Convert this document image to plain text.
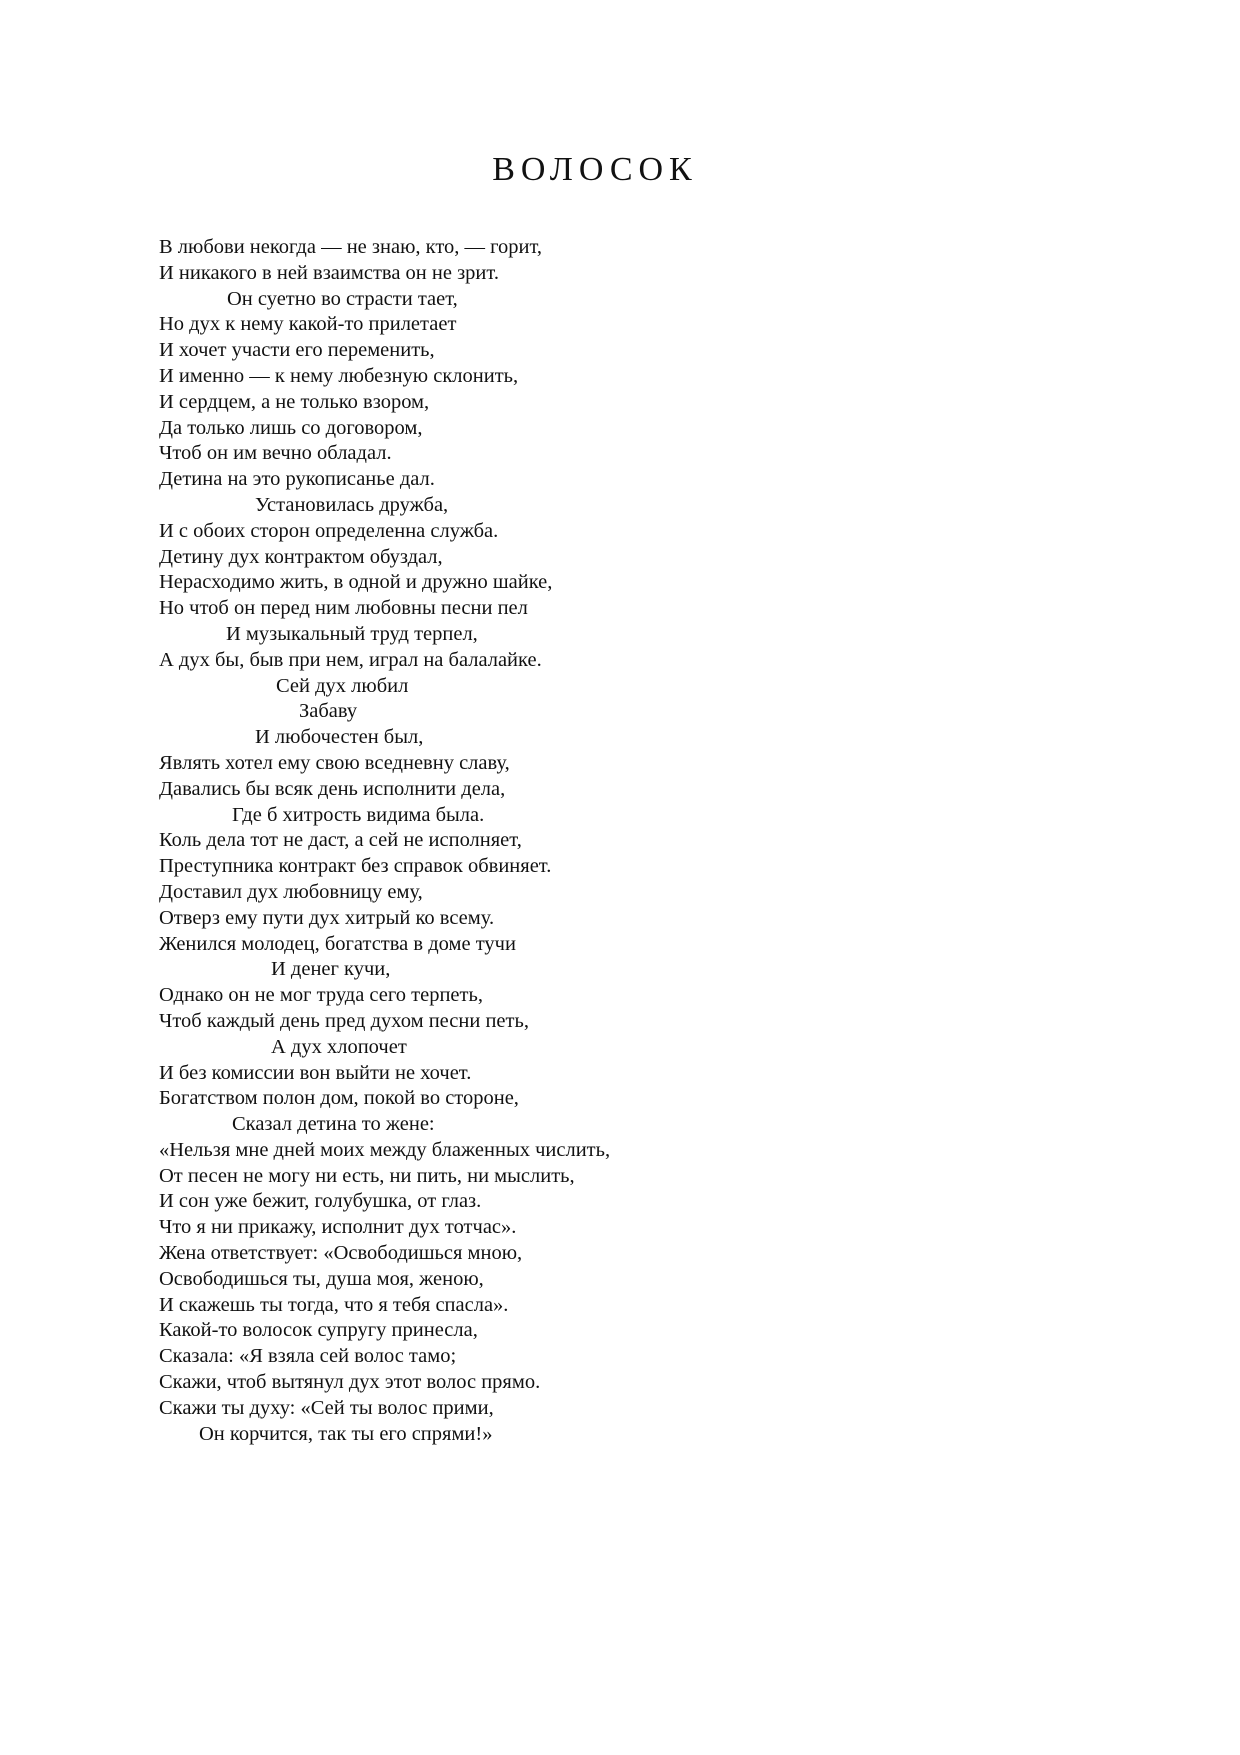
ВОЛОСОК
В любови некогда — не знаю, кто, — горит,
И никакого в ней взаимства он не зрит.
Он суетно во страсти тает,
Но дух к нему какой-то прилетает
И хочет участи его переменить,
И именно — к нему любезную склонить,
И сердцем, а не только взором,
Да только лишь со договором,
Чтоб он им вечно обладал.
Детина на это рукописанье дал.
Установилась дружба,
И с обоих сторон определенна служба.
Детину дух контрактом обуздал,
Нерасходимо жить, в одной и дружно шайке,
Но чтоб он перед ним любовны песни пел
И музыкальный труд терпел,
А дух бы, быв при нем, играл на балалайке.
Сей дух любил
Забаву
И любочестен был,
Являть хотел ему свою вседневну славу,
Давались бы всяк день исполнити дела,
Где б хитрость видима была.
Коль дела тот не даст, а сей не исполняет,
Преступника контракт без справок обвиняет.
Доставил дух любовницу ему,
Отверз ему пути дух хитрый ко всему.
Женился молодец, богатства в доме тучи
И денег кучи,
Однако он не мог труда сего терпеть,
Чтоб каждый день пред духом песни петь,
А дух хлопочет
И без комиссии вон выйти не хочет.
Богатством полон дом, покой во стороне,
Сказал детина то жене:
«Нельзя мне дней моих между блаженных числить,
От песен не могу ни есть, ни пить, ни мыслить,
И сон уже бежит, голубушка, от глаз.
Что я ни прикажу, исполнит дух тотчас».
Жена ответствует: «Освободишься мною,
Освободишься ты, душа моя, женою,
И скажешь ты тогда, что я тебя спасла».
Какой-то волосок супругу принесла,
Сказала: «Я взяла сей волос тамо;
Скажи, чтоб вытянул дух этот волос прямо.
Скажи ты духу: «Сей ты волос прими,
Он корчится, так ты его спрями!»
